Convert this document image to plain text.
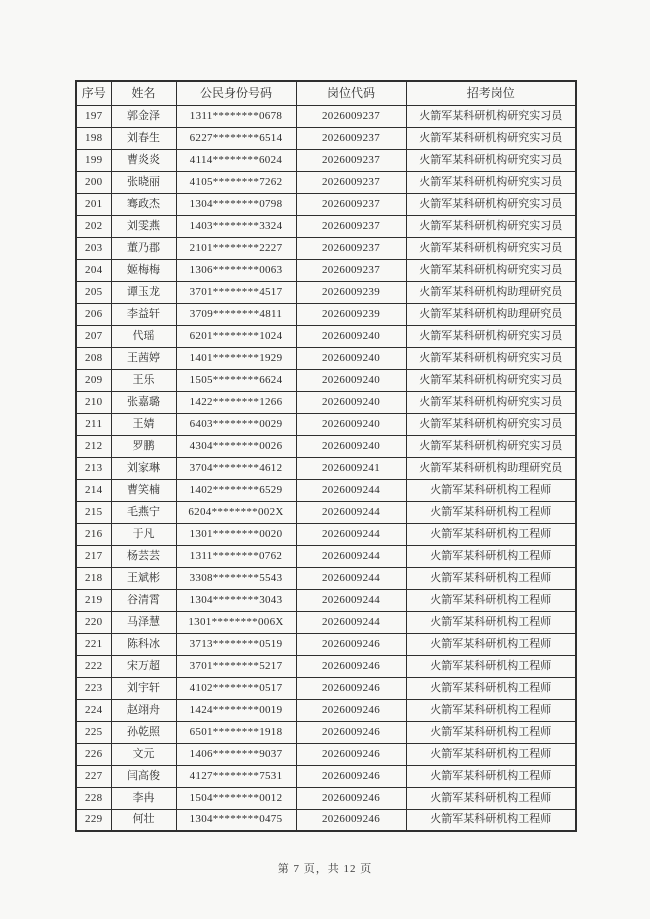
序号	姓名	公民身份号码	岗位代码	招考岗位
197	郭金泽	1311********0678	2026009237	火箭军某科研机构研究实习员
198	刘春生	6227********6514	2026009237	火箭军某科研机构研究实习员
199	曹炎炎	4114********6024	2026009237	火箭军某科研机构研究实习员
200	张晓丽	4105********7262	2026009237	火箭军某科研机构研究实习员
201	骞政杰	1304********0798	2026009237	火箭军某科研机构研究实习员
202	刘雯燕	1403********3324	2026009237	火箭军某科研机构研究实习员
203	董乃郡	2101********2227	2026009237	火箭军某科研机构研究实习员
204	姬梅梅	1306********0063	2026009237	火箭军某科研机构研究实习员
205	谭玉龙	3701********4517	2026009239	火箭军某科研机构助理研究员
206	李益轩	3709********4811	2026009239	火箭军某科研机构助理研究员
207	代瑶	6201********1024	2026009240	火箭军某科研机构研究实习员
208	王茜婷	1401********1929	2026009240	火箭军某科研机构研究实习员
209	王乐	1505********6624	2026009240	火箭军某科研机构研究实习员
210	张嘉璐	1422********1266	2026009240	火箭军某科研机构研究实习员
211	王婧	6403********0029	2026009240	火箭军某科研机构研究实习员
212	罗鹏	4304********0026	2026009240	火箭军某科研机构研究实习员
213	刘家琳	3704********4612	2026009241	火箭军某科研机构助理研究员
214	曹笑楠	1402********6529	2026009244	火箭军某科研机构工程师
215	毛燕宁	6204********002X	2026009244	火箭军某科研机构工程师
216	于凡	1301********0020	2026009244	火箭军某科研机构工程师
217	杨芸芸	1311********0762	2026009244	火箭军某科研机构工程师
218	王斌彬	3308********5543	2026009244	火箭军某科研机构工程师
219	谷清霄	1304********3043	2026009244	火箭军某科研机构工程师
220	马泽慧	1301********006X	2026009244	火箭军某科研机构工程师
221	陈科冰	3713********0519	2026009246	火箭军某科研机构工程师
222	宋万超	3701********5217	2026009246	火箭军某科研机构工程师
223	刘宇轩	4102********0517	2026009246	火箭军某科研机构工程师
224	赵翊舟	1424********0019	2026009246	火箭军某科研机构工程师
225	孙乾照	6501********1918	2026009246	火箭军某科研机构工程师
226	文元	1406********9037	2026009246	火箭军某科研机构工程师
227	闫高俊	4127********7531	2026009246	火箭军某科研机构工程师
228	李冉	1504********0012	2026009246	火箭军某科研机构工程师
229	何壮	1304********0475	2026009246	火箭军某科研机构工程师
第 7 页，共 12 页
